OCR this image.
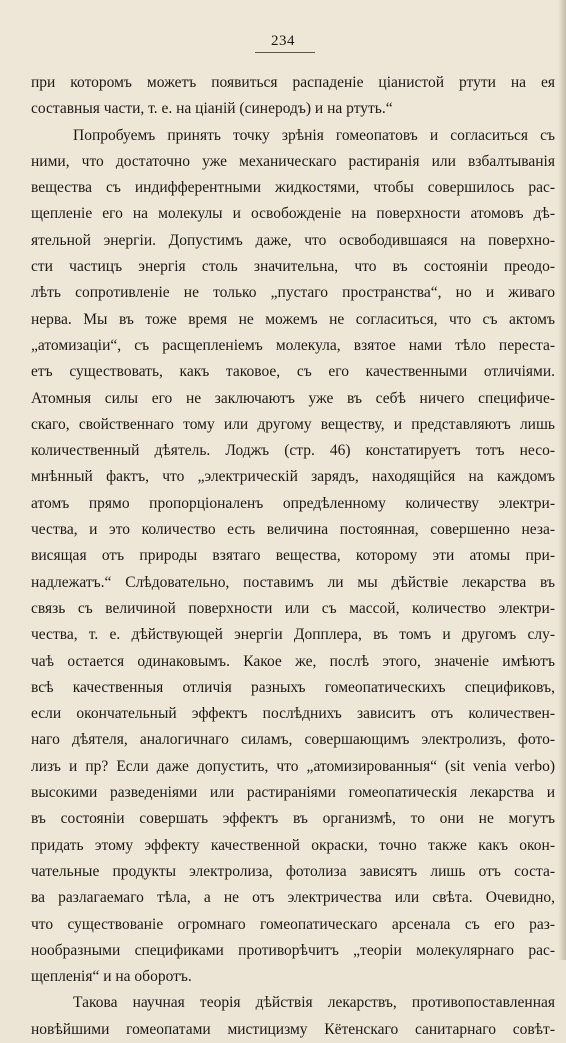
234
при которомъ можетъ появиться распаденіе ціанистой ртути на ея
составныя части, т. е. на ціаній (синеродъ) и на ртуть.“
Попробуемъ принять точку зрѣнія гомеопатовъ и согласиться съ
ними, что достаточно уже механическаго растиранія или взбалтыванія
вещества съ индифферентными жидкостями, чтобы совершилось рас-
щепленіе его на молекулы и освобожденіе на поверхности атомовъ дѣ-
ятельной энергіи. Допустимъ даже, что освободившаяся на поверхно-
сти частицъ энергія столь значительна, что въ состояніи преодо-
лѣть сопротивленіе не только „пустаго пространства“, но и живаго
нерва. Мы въ тоже время не можемъ не согласиться, что съ актомъ
„атомизаціи“, съ расщепленіемъ молекула, взятое нами тѣло переста-
етъ существовать, какъ таковое, съ его качественными отличіями.
Атомныя силы его не заключаютъ уже въ себѣ ничего специфиче-
скаго, свойственнаго тому или другому веществу, и представляютъ лишь
количественный дѣятель. Лоджъ (стр. 46) констатируетъ тотъ несо-
мнѣнный фактъ, что „электрическій зарядъ, находящійся на каждомъ
атомъ прямо пропорціоналенъ опредѣленному количеству электри-
чества, и это количество есть величина постоянная, совершенно неза-
висящая отъ природы взятаго вещества, которому эти атомы при-
надлежатъ.“ Слѣдовательно, поставимъ ли мы дѣйствіе лекарства въ
связь съ величиной поверхности или съ массой, количество электри-
чества, т. е. дѣйствующей энергіи Допплера, въ томъ и другомъ слу-
чаѣ остается одинаковымъ. Какое же, послѣ этого, значеніе имѣютъ
всѣ качественныя отличія разныхъ гомеопатическихъ спецификовъ,
если окончательный эффектъ послѣднихъ зависитъ отъ количествен-
наго дѣятеля, аналогичнаго силамъ, совершающимъ электролизъ, фото-
лизъ и пр? Если даже допустить, что „атомизированныя“ (sit venia verbo)
высокими разведеніями или растираніями гомеопатическія лекарства и
въ состояніи совершать эффектъ въ организмѣ, то они не могутъ
придать этому эффекту качественной окраски, точно также какъ окон-
чательные продукты электролиза, фотолиза зависятъ лишь отъ соста-
ва разлагаемаго тѣла, а не отъ электричества или свѣта. Очевидно,
что существованіе огромнаго гомеопатическаго арсенала съ его раз-
нообразными спецификами противорѣчитъ „теоріи молекулярнаго рас-
щепленія“ и на оборотъ.
Такова научная теорія дѣйствія лекарствъ, противопоставленная
новѣйшими гомеопатами мистицизму Кётенскаго санитарнаго совѣт-
